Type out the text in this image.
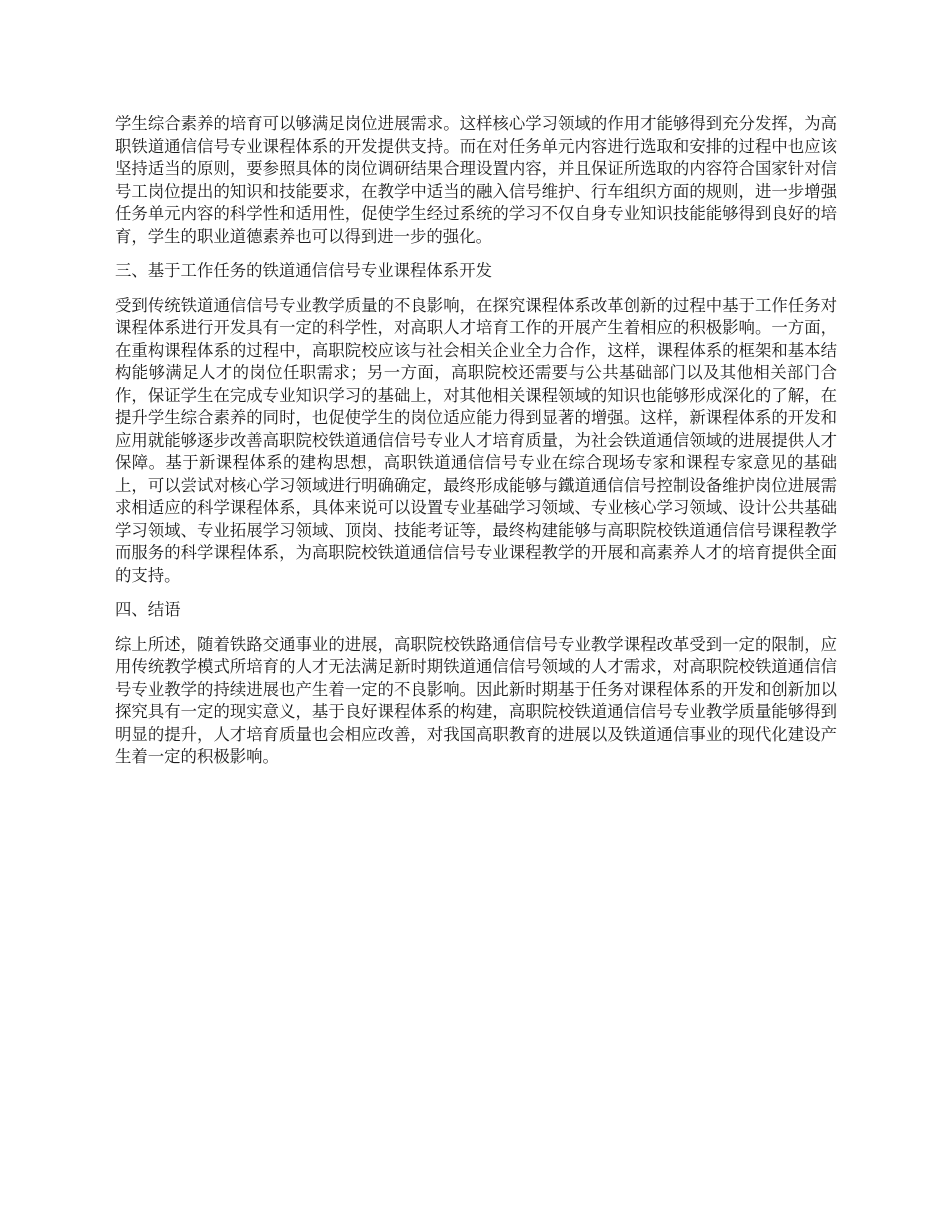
学生综合素养的培育可以够满足岗位进展需求。这样核心学习领域的作用才能够得到充分发挥，为高职铁道通信信号专业课程体系的开发提供支持。而在对任务单元内容进行选取和安排的过程中也应该坚持适当的原则，要参照具体的岗位调研结果合理设置内容，并且保证所选取的内容符合国家针对信号工岗位提出的知识和技能要求，在教学中适当的融入信号维护、行车组织方面的规则，进一步增强任务单元内容的科学性和适用性，促使学生经过系统的学习不仅自身专业知识技能能够得到良好的培育，学生的职业道德素养也可以得到进一步的强化。

三、基于工作任务的铁道通信信号专业课程体系开发

受到传统铁道通信信号专业教学质量的不良影响，在探究课程体系改革创新的过程中基于工作任务对课程体系进行开发具有一定的科学性，对高职人才培育工作的开展产生着相应的积极影响。一方面，在重构课程体系的过程中，高职院校应该与社会相关企业全力合作，这样，课程体系的框架和基本结构能够满足人才的岗位任职需求；另一方面，高职院校还需要与公共基础部门以及其他相关部门合作，保证学生在完成专业知识学习的基础上，对其他相关课程领域的知识也能够形成深化的了解，在提升学生综合素养的同时，也促使学生的岗位适应能力得到显著的增强。这样，新课程体系的开发和应用就能够逐步改善高职院校铁道通信信号专业人才培育质量，为社会铁道通信领域的进展提供人才保障。基于新课程体系的建构思想，高职铁道通信信号专业在综合现场专家和课程专家意见的基础上，可以尝试对核心学习领域进行明确确定，最终形成能够与鐵道通信信号控制设备维护岗位进展需求相适应的科学课程体系，具体来说可以设置专业基础学习领域、专业核心学习领域、设计公共基础学习领域、专业拓展学习领域、顶岗、技能考证等，最终构建能够与高职院校铁道通信信号课程教学而服务的科学课程体系，为高职院校铁道通信信号专业课程教学的开展和高素养人才的培育提供全面的支持。

四、结语

综上所述，随着铁路交通事业的进展，高职院校铁路通信信号专业教学课程改革受到一定的限制，应用传统教学模式所培育的人才无法满足新时期铁道通信信号领域的人才需求，对高职院校铁道通信信号专业教学的持续进展也产生着一定的不良影响。因此新时期基于任务对课程体系的开发和创新加以探究具有一定的现实意义，基于良好课程体系的构建，高职院校铁道通信信号专业教学质量能够得到明显的提升，人才培育质量也会相应改善，对我国高职教育的进展以及铁道通信事业的现代化建设产生着一定的积极影响。
